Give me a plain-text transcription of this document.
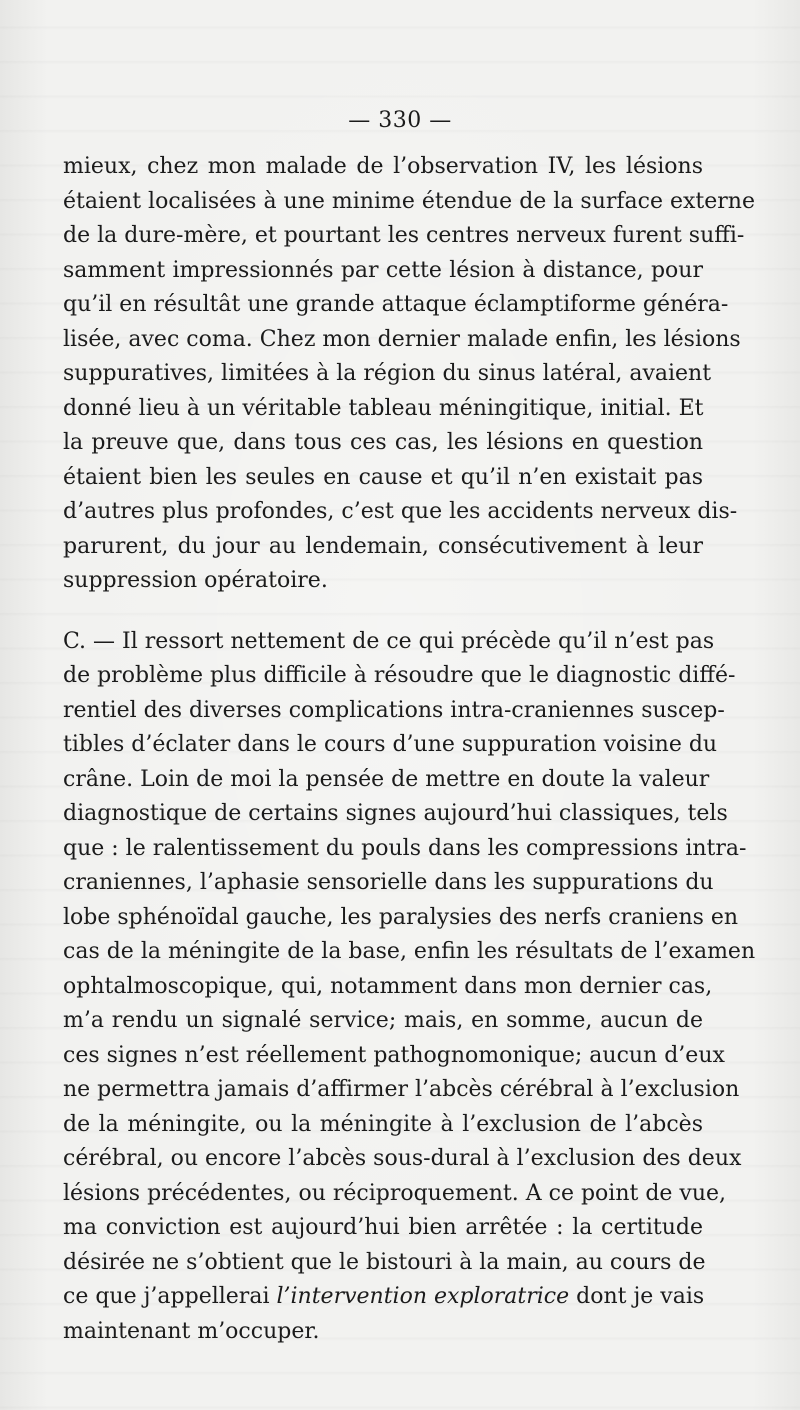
— 330 —

mieux, chez mon malade de l’observation IV, les lésions
étaient localisées à une minime étendue de la surface externe
de la dure-mère, et pourtant les centres nerveux furent suffi-
samment impressionnés par cette lésion à distance, pour
qu’il en résultât une grande attaque éclamptiforme généra-
lisée, avec coma. Chez mon dernier malade enfin, les lésions
suppuratives, limitées à la région du sinus latéral, avaient
donné lieu à un véritable tableau méningitique, initial. Et
la preuve que, dans tous ces cas, les lésions en question
étaient bien les seules en cause et qu’il n’en existait pas
d’autres plus profondes, c’est que les accidents nerveux dis-
parurent, du jour au lendemain, consécutivement à leur
suppression opératoire.

C. — Il ressort nettement de ce qui précède qu’il n’est pas
de problème plus difficile à résoudre que le diagnostic diffé-
rentiel des diverses complications intra-craniennes suscep-
tibles d’éclater dans le cours d’une suppuration voisine du
crâne. Loin de moi la pensée de mettre en doute la valeur
diagnostique de certains signes aujourd’hui classiques, tels
que : le ralentissement du pouls dans les compressions intra-
craniennes, l’aphasie sensorielle dans les suppurations du
lobe sphénoïdal gauche, les paralysies des nerfs craniens en
cas de la méningite de la base, enfin les résultats de l’examen
ophtalmoscopique, qui, notamment dans mon dernier cas,
m’a rendu un signalé service; mais, en somme, aucun de
ces signes n’est réellement pathognomonique; aucun d’eux
ne permettra jamais d’affirmer l’abcès cérébral à l’exclusion
de la méningite, ou la méningite à l’exclusion de l’abcès
cérébral, ou encore l’abcès sous-dural à l’exclusion des deux
lésions précédentes, ou réciproquement. A ce point de vue,
ma conviction est aujourd’hui bien arrêtée : la certitude
désirée ne s’obtient que le bistouri à la main, au cours de
ce que j’appellerai l’intervention exploratrice dont je vais
maintenant m’occuper.
